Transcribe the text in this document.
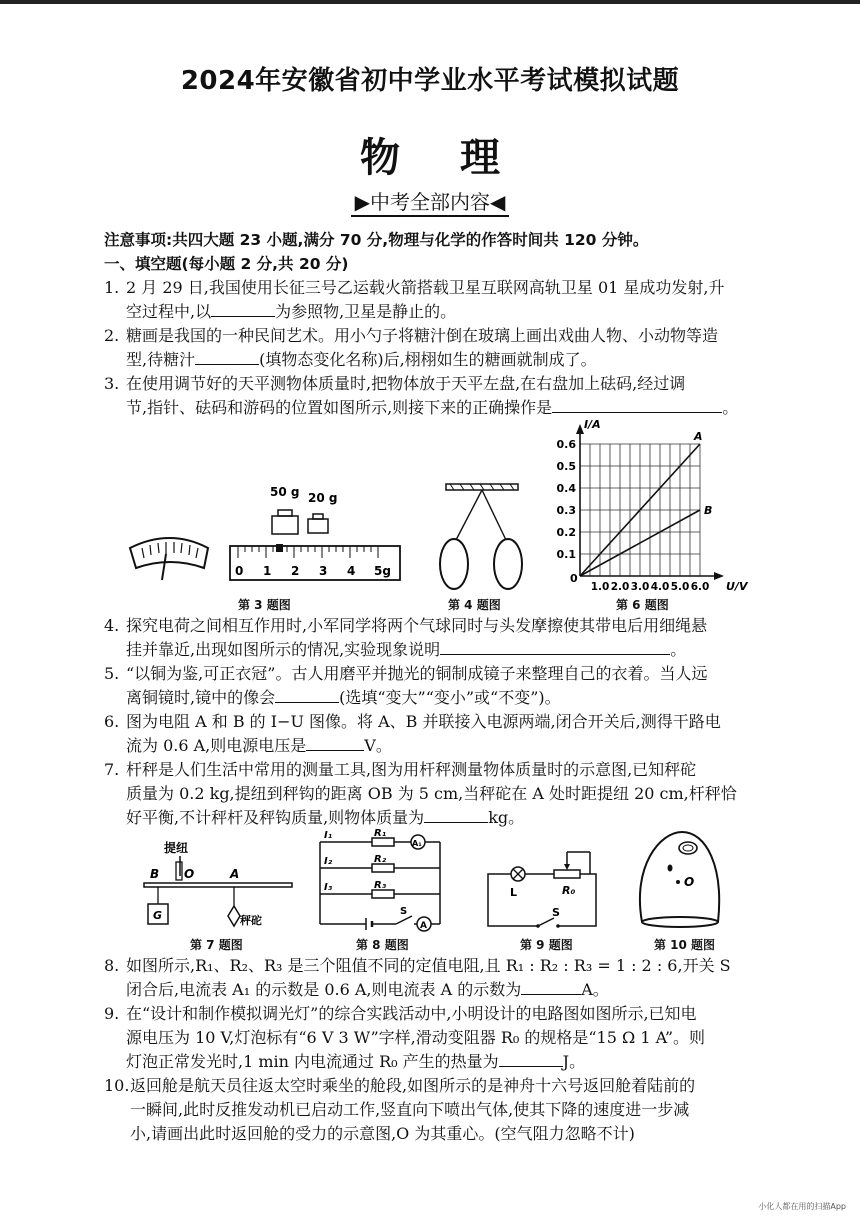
2024年安徽省初中学业水平考试模拟试题
物理
▶中考全部内容◀
注意事项:共四大题 23 小题,满分 70 分,物理与化学的作答时间共 120 分钟。
一、填空题(每小题 2 分,共 20 分)
1. 2 月 29 日,我国使用长征三号乙运载火箭搭载卫星互联网高轨卫星 01 星成功发射,升
空过程中,以	为参照物,卫星是静止的。
2. 糖画是我国的一种民间艺术。用小勺子将糖汁倒在玻璃上画出戏曲人物、小动物等造
型,待糖汁	(填物态变化名称)后,栩栩如生的糖画就制成了。
3. 在使用调节好的天平测物体质量时,把物体放于天平左盘,在右盘加上砝码,经过调
节,指针、砝码和游码的位置如图所示,则接下来的正确操作是	。
50 g 20 g
0 1 2 3 4 5g
第 3 题图	第 4 题图
0.6
0.5
0.4
0.3
0.2
0.1
1.0 2.0 3.0 4.0 5.0 6.0
0
I/A
U/V
A
B
第 6 题图
4. 探究电荷之间相互作用时,小军同学将两个气球同时与头发摩擦使其带电后用细绳悬
挂并靠近,出现如图所示的情况,实验现象说明	。
5. “以铜为鉴,可正衣冠”。古人用磨平并抛光的铜制成镜子来整理自己的衣着。当人远
离铜镜时,镜中的像会	(选填“变大”“变小”或“不变”)。
6. 图为电阻 A 和 B 的 I−U 图像。将 A、B 并联接入电源两端,闭合开关后,测得干路电
流为 0.6 A,则电源电压是	V。
7. 杆秤是人们生活中常用的测量工具,图为用杆秤测量物体质量时的示意图,已知秤砣
质量为 0.2 kg,提纽到秤钩的距离 OB 为 5 cm,当秤砣在 A 处时距提纽 20 cm,杆秤恰
好平衡,不计秤杆及秤钩质量,则物体质量为	kg。
提纽
B O	A
G	秤砣
第 7 题图
I₁
I₂
I₃
R₁
R₂
R₃
A₁
A
S
第 8 题图
L	R₀
S
第 9 题图
O
第 10 题图
8. 如图所示,R₁、R₂、R₃ 是三个阻值不同的定值电阻,且 R₁ : R₂ : R₃ = 1 : 2 : 6,开关 S
闭合后,电流表 A₁ 的示数是 0.6 A,则电流表 A 的示数为	A。
9. 在“设计和制作模拟调光灯”的综合实践活动中,小明设计的电路图如图所示,已知电
源电压为 10 V,灯泡标有“6 V 3 W”字样,滑动变阻器 R₀ 的规格是“15 Ω 1 A”。则
灯泡正常发光时,1 min 内电流通过 R₀ 产生的热量为	J。
10. 返回舱是航天员往返太空时乘坐的舱段,如图所示的是神舟十六号返回舱着陆前的
一瞬间,此时反推发动机已启动工作,竖直向下喷出气体,使其下降的速度进一步减
小,请画出此时返回舱的受力的示意图,O 为其重心。(空气阻力忽略不计)
小化人都在用的扫描App
